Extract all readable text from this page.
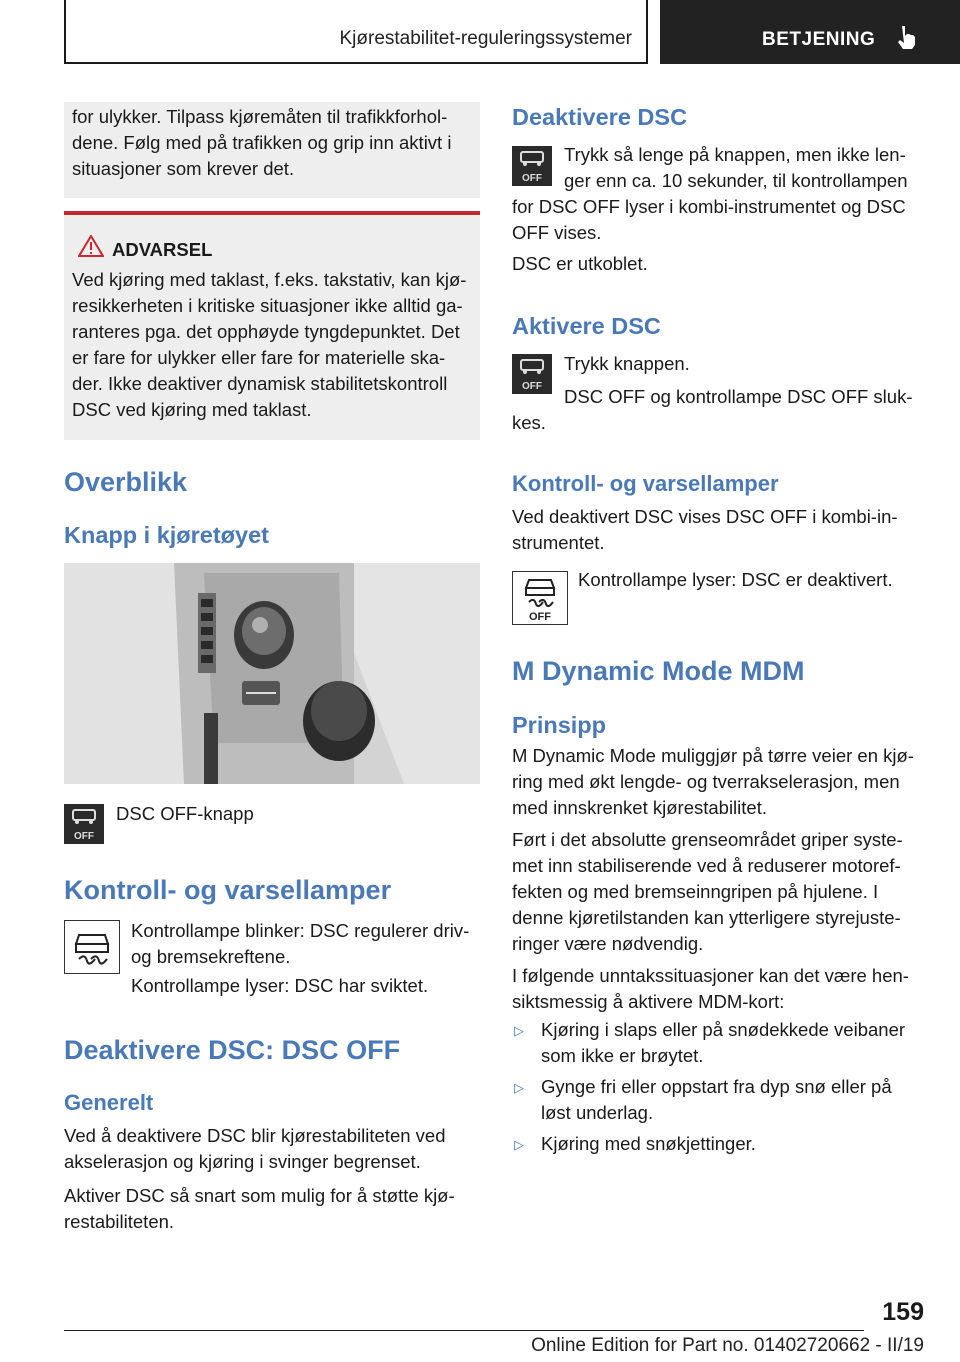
Kjørestabilitet-reguleringssystemer	BETJENING

for ulykker. Tilpass kjøremåten til trafikkforhol-dene. Følg med på trafikken og grip inn aktivt i situasjoner som krever det.

ADVARSEL

Ved kjøring med taklast, f.eks. takstativ, kan kjø-resikkerheten i kritiske situasjoner ikke alltid ga-ranteres pga. det opphøyde tyngdepunktet. Det er fare for ulykker eller fare for materielle ska-der. Ikke deaktiver dynamisk stabilitetskontroll DSC ved kjøring med taklast.

Overblikk
Knapp i kjøretøyet
OFF
DSC OFF-knapp
Kontroll- og varsellamper

Kontrollampe blinker: DSC regulerer driv- og bremsekreftene.

Kontrollampe lyser: DSC har sviktet.

Deaktivere DSC: DSC OFF
Generelt

Ved å deaktivere DSC blir kjørestabiliteten ved akselerasjon og kjøring i svinger begrenset.

Aktiver DSC så snart som mulig for å støtte kjø-restabiliteten.

Deaktivere DSC
OFF

Trykk så lenge på knappen, men ikke len-ger enn ca. 10 sekunder, til kontrollampen

for DSC OFF lyser i kombi-instrumentet og DSC OFF vises.

DSC er utkoblet.

Aktivere DSC
OFF

Trykk knappen.

DSC OFF og kontrollampe DSC OFF sluk-

kes.

Kontroll- og varsellamper

Ved deaktivert DSC vises DSC OFF i kombi-in-strumentet.

OFF

Kontrollampe lyser: DSC er deaktivert.

M Dynamic Mode MDM
Prinsipp

M Dynamic Mode muliggjør på tørre veier en kjø-ring med økt lengde- og tverrakselerasjon, men med innskrenket kjørestabilitet.

Ført i det absolutte grenseområdet griper syste-met inn stabiliserende ved å reduserer motoref-fekten og med bremseinngripen på hjulene. I denne kjøretilstanden kan ytterligere styrejuste-ringer være nødvendig.

I følgende unntakssituasjoner kan det være hen-siktsmessig å aktivere MDM-kort:

▷ Kjøring i slaps eller på snødekkede veibaner som ikke er brøytet.

▷ Gynge fri eller oppstart fra dyp snø eller på løst underlag.

▷ Kjøring med snøkjettinger.

159
Online Edition for Part no. 01402720662 - II/19
